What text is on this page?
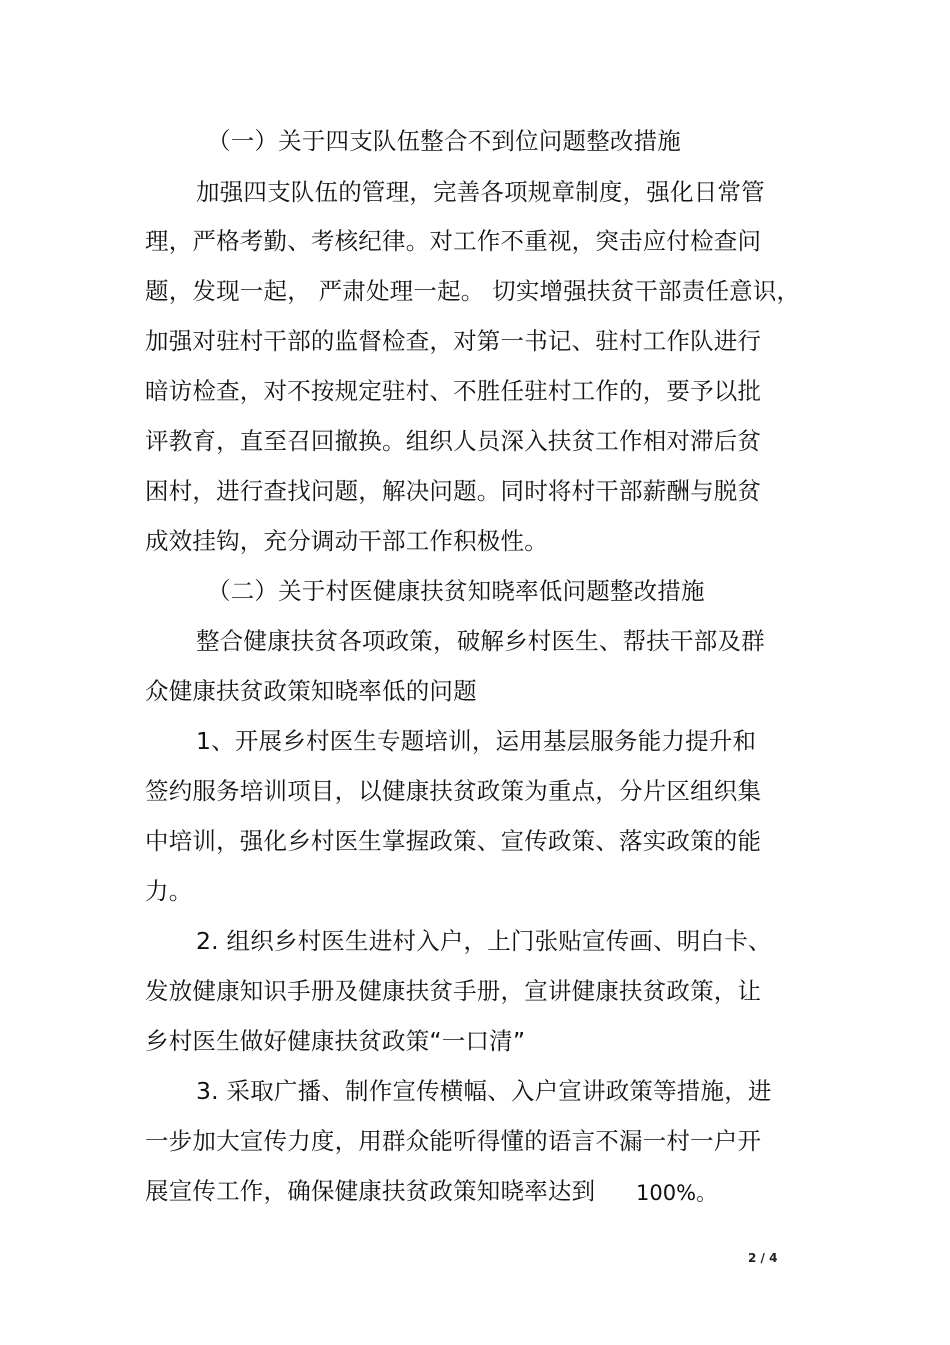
（一）关于四支队伍整合不到位问题整改措施
加强四支队伍的管理，完善各项规章制度，强化日常管
理，严格考勤、考核纪律。对工作不重视，突击应付检查问
题，发现一起， 严肃处理一起。 切实增强扶贫干部责任意识，
加强对驻村干部的监督检查，对第一书记、驻村工作队进行
暗访检查，对不按规定驻村、不胜任驻村工作的，要予以批
评教育，直至召回撤换。组织人员深入扶贫工作相对滞后贫
困村，进行查找问题，解决问题。同时将村干部薪酬与脱贫
成效挂钩，充分调动干部工作积极性。
（二）关于村医健康扶贫知晓率低问题整改措施
整合健康扶贫各项政策，破解乡村医生、帮扶干部及群
众健康扶贫政策知晓率低的问题
1、开展乡村医生专题培训，运用基层服务能力提升和
签约服务培训项目，以健康扶贫政策为重点，分片区组织集
中培训，强化乡村医生掌握政策、宣传政策、落实政策的能
力。
2. 组织乡村医生进村入户，上门张贴宣传画、明白卡、
发放健康知识手册及健康扶贫手册，宣讲健康扶贫政策，让
乡村医生做好健康扶贫政策“一口清”
3. 采取广播、制作宣传横幅、入户宣讲政策等措施，进
一步加大宣传力度，用群众能听得懂的语言不漏一村一户开
展宣传工作，确保健康扶贫政策知晓率达到 100%。
2 / 4
